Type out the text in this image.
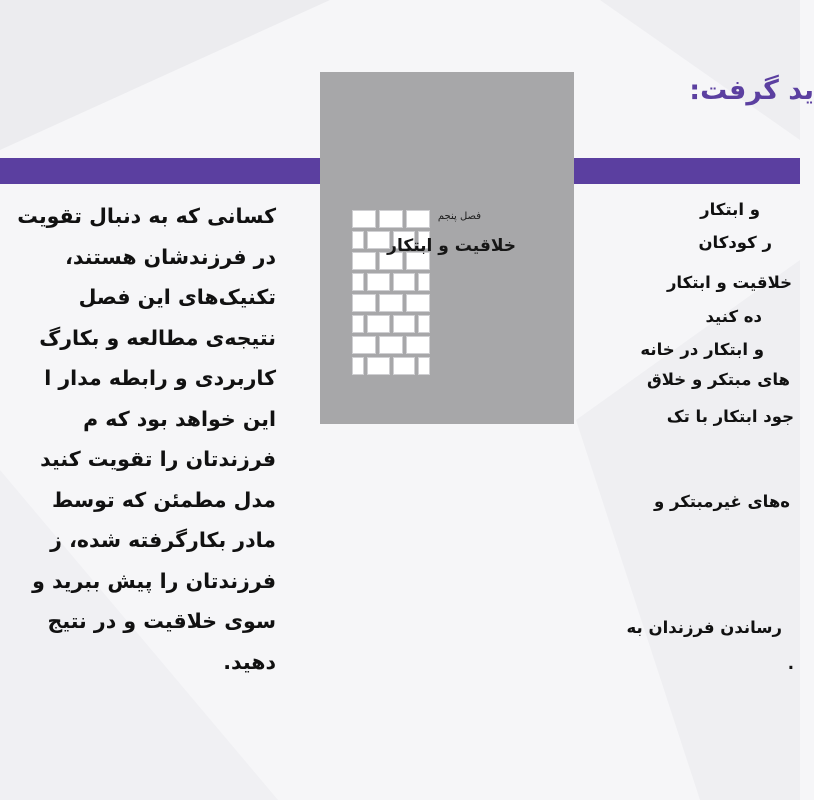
کسانی که به دنبال تقویت
در فرزندشان هستند،
تکنیک‌های این فصل
نتیجه‌ی مطالعه و بکارگ
کاربردی و رابطه مدار ا
این خواهد بود که م
فرزندتان را تقویت کنید
مدل مطمئن که توسط
مادر بکارگرفته شده، ز
فرزندتان را پیش ببرید و
سوی خلاقیت و در نتیج
دهید.
فصل پنجم
خلاقیت و ابتکار
ید گرفت:
و ابتکار
ر کودکان
خلاقیت و ابتکار
ده کنید
و ابتکار در خانه
های مبتکر و خلاق
جود ابتکار با تک
ه‌های غیرمبتکر و
رساندن فرزندان به
.
